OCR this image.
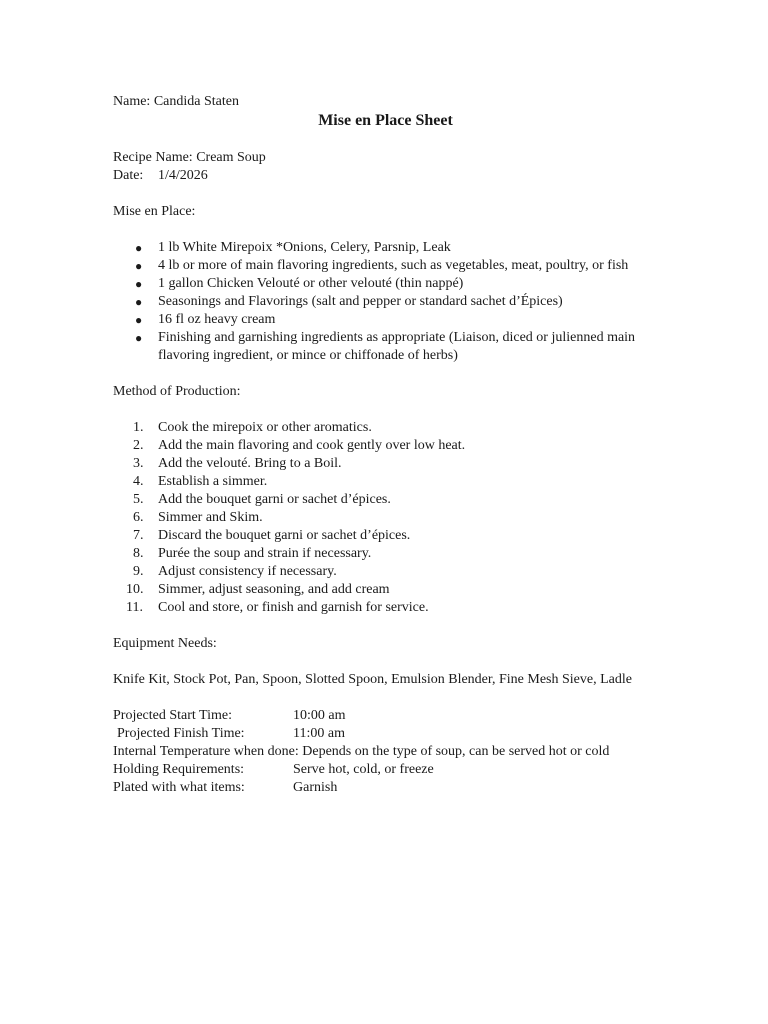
Name: Candida Staten

Mise en Place Sheet

Recipe Name: Cream Soup

Date: 1/4/2026

Mise en Place:

● 1 lb White Mirepoix *Onions, Celery, Parsnip, Leak
● 4 lb or more of main flavoring ingredients, such as vegetables, meat, poultry, or fish
● 1 gallon Chicken Velouté or other velouté (thin nappé)
● Seasonings and Flavorings (salt and pepper or standard sachet d’Épices)
● 16 fl oz heavy cream
● Finishing and garnishing ingredients as appropriate (Liaison, diced or julienned main flavoring ingredient, or mince or chiffonade of herbs)

Method of Production:

1. Cook the mirepoix or other aromatics.
2. Add the main flavoring and cook gently over low heat.
3. Add the velouté. Bring to a Boil.
4. Establish a simmer.
5. Add the bouquet garni or sachet d’épices.
6. Simmer and Skim.
7. Discard the bouquet garni or sachet d’épices.
8. Purée the soup and strain if necessary.
9. Adjust consistency if necessary.
10. Simmer, adjust seasoning, and add cream
11. Cool and store, or finish and garnish for service.

Equipment Needs:

Knife Kit, Stock Pot, Pan, Spoon, Slotted Spoon, Emulsion Blender, Fine Mesh Sieve, Ladle

Projected Start Time:	10:00 am

Projected Finish Time:	11:00 am

Internal Temperature when done: Depends on the type of soup, can be served hot or cold

Holding Requirements:	Serve hot, cold, or freeze

Plated with what items:	Garnish
